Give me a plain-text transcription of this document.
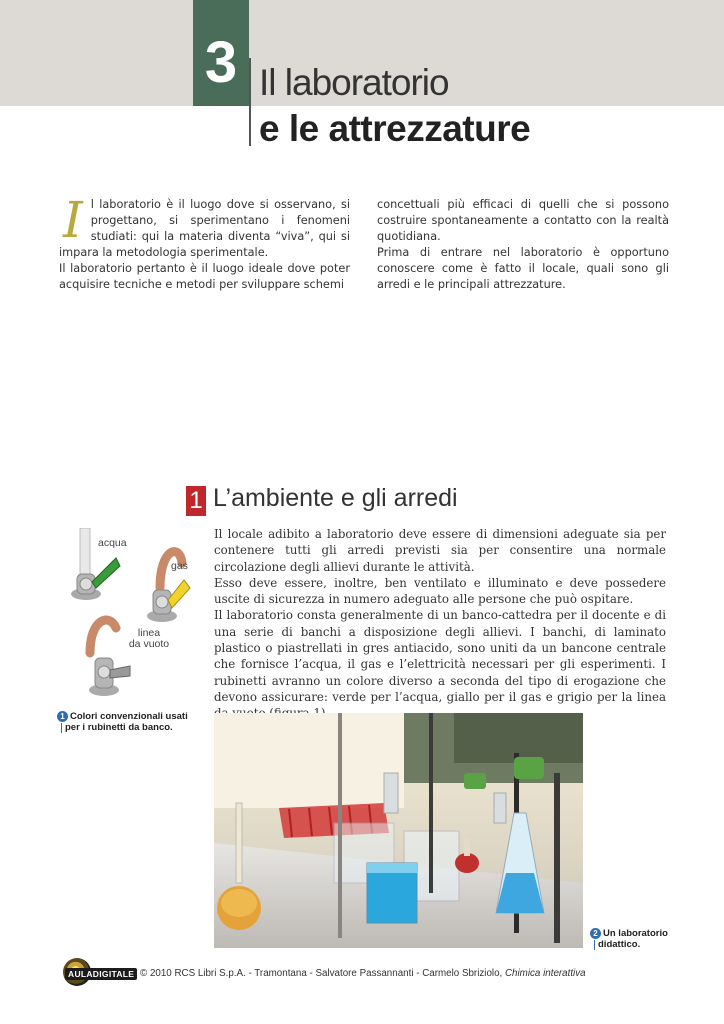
3 Il laboratorio
e le attrezzature
I l laboratorio è il luogo dove si osservano, si progettano, si sperimentano i fenomeni studiati: qui la materia diventa “viva”, qui si impara la metodologia sperimentale.

Il laboratorio pertanto è il luogo ideale dove poter acquisire tecniche e metodi per sviluppare schemi

concettuali più efficaci di quelli che si possono costruire spontaneamente a contatto con la realtà quotidiana.

Prima di entrare nel laboratorio è opportuno conoscere come è fatto il locale, quali sono gli arredi e le principali attrezzature.

1 L’ambiente e gli arredi

Il locale adibito a laboratorio deve essere di dimensioni adeguate sia per contenere tutti gli arredi previsti sia per consentire una normale circolazione degli allievi durante le attività.

Esso deve essere, inoltre, ben ventilato e illuminato e deve possedere uscite di sicurezza in numero adeguato alle persone che può ospitare.

Il laboratorio consta generalmente di un banco-cattedra per il docente e di una serie di banchi a disposizione degli allievi. I banchi, di laminato plastico o piastrellati in gres antiacido, sono uniti da un bancone centrale che fornisce l’acqua, il gas e l’elettricità necessari per gli esperimenti. I rubinetti avranno un colore diverso a seconda del tipo di erogazione che devono assicurare: verde per l’acqua, giallo per il gas e grigio per la linea

acqua
gas
linea
da vuoto
1 Colori convenzionali usati

per i rubinetti da banco.
2 Un laboratorio

didattico.
AULADIGITALE © 2010 RCS Libri S.p.A. - Tramontana - Salvatore Passannanti - Carmelo Sbriziolo, Chimica interattiva
